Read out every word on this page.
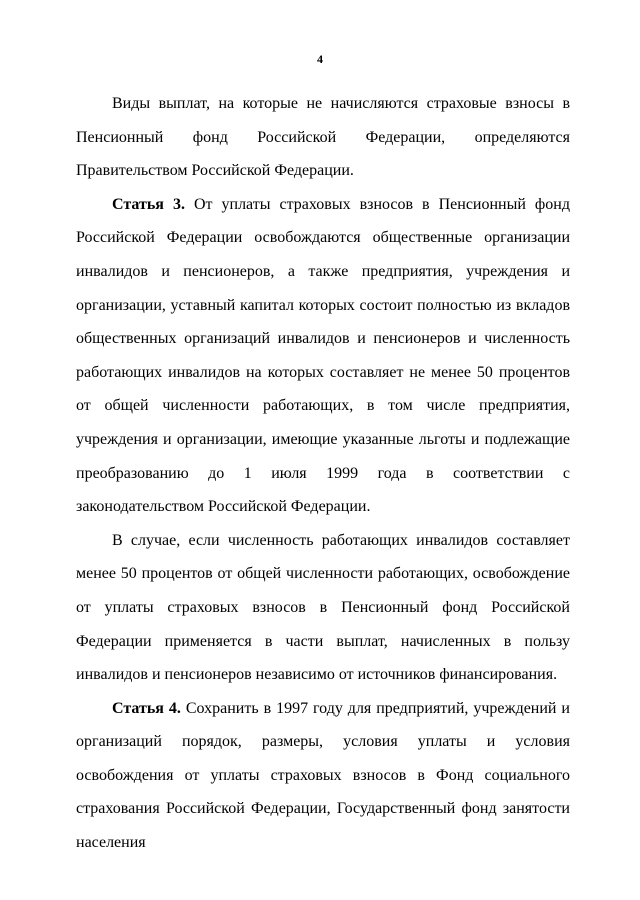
4

Виды выплат, на которые не начисляются страховые взносы в Пенсионный фонд Российской Федерации, определяются Правительством Российской Федерации.

Статья 3. От уплаты страховых взносов в Пенсионный фонд Российской Федерации освобождаются общественные организации инвалидов и пенсионеров, а также предприятия, учреждения и организации, уставный капитал которых состоит полностью из вкладов общественных организаций инвалидов и пенсионеров и численность работающих инвалидов на которых составляет не менее 50 процентов от общей численности работающих, в том числе предприятия, учреждения и организации, имеющие указанные льготы и подлежащие преобразованию до 1 июля 1999 года в соответствии с законодательством Российской Федерации.

В случае, если численность работающих инвалидов составляет менее 50 процентов от общей численности работающих, освобождение от уплаты страховых взносов в Пенсионный фонд Российской Федерации применяется в части выплат, начисленных в пользу инвалидов и пенсионеров независимо от источников финансирования.

Статья 4. Сохранить в 1997 году для предприятий, учреждений и организаций порядок, размеры, условия уплаты и условия освобождения от уплаты страховых взносов в Фонд социального страхования Российской Федерации, Государственный фонд занятости населения
